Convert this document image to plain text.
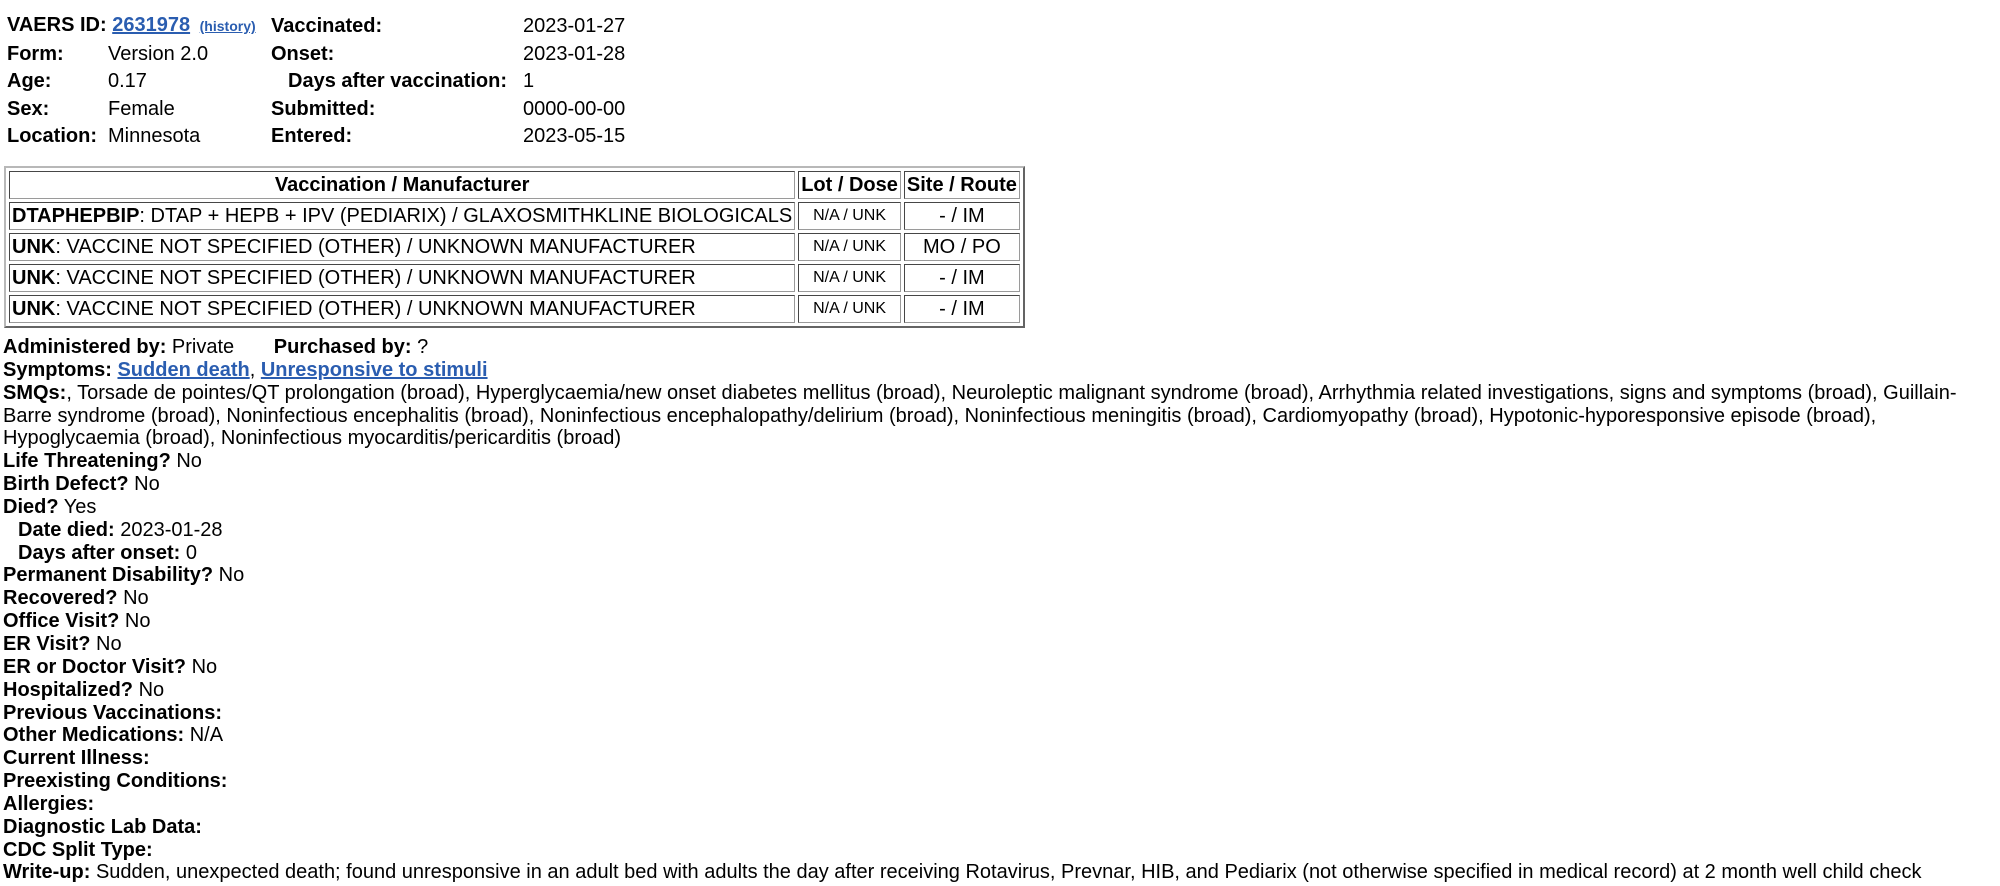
VAERS ID: 2631978 (history)		Vaccinated:	2023-01-27
Form:	Version 2.0	Onset:	2023-01-28
Age:	0.17	Days after vaccination:	1
Sex:	Female	Submitted:	0000-00-00
Location:	Minnesota	Entered:	2023-05-15
Vaccination / Manufacturer	Lot / Dose	Site / Route
DTAPHEPBIP: DTAP + HEPB + IPV (PEDIARIX) / GLAXOSMITHKLINE BIOLOGICALS	N/A / UNK	- / IM
UNK: VACCINE NOT SPECIFIED (OTHER) / UNKNOWN MANUFACTURER	N/A / UNK	MO / PO
UNK: VACCINE NOT SPECIFIED (OTHER) / UNKNOWN MANUFACTURER	N/A / UNK	- / IM
UNK: VACCINE NOT SPECIFIED (OTHER) / UNKNOWN MANUFACTURER	N/A / UNK	- / IM
Administered by: Private Purchased by: ?
Symptoms: Sudden death, Unresponsive to stimuli
SMQs:, Torsade de pointes/QT prolongation (broad), Hyperglycaemia/new onset diabetes mellitus (broad), Neuroleptic malignant syndrome (broad), Arrhythmia related investigations, signs and symptoms (broad), Guillain-Barre syndrome (broad), Noninfectious encephalitis (broad), Noninfectious encephalopathy/delirium (broad), Noninfectious meningitis (broad), Cardiomyopathy (broad), Hypotonic-hyporesponsive episode (broad), Hypoglycaemia (broad), Noninfectious myocarditis/pericarditis (broad)
Life Threatening? No
Birth Defect? No
Died? Yes
Date died: 2023-01-28
Days after onset: 0
Permanent Disability? No
Recovered? No
Office Visit? No
ER Visit? No
ER or Doctor Visit? No
Hospitalized? No
Previous Vaccinations:
Other Medications: N/A
Current Illness:
Preexisting Conditions:
Allergies:
Diagnostic Lab Data:
CDC Split Type:
Write-up: Sudden, unexpected death; found unresponsive in an adult bed with adults the day after receiving Rotavirus, Prevnar, HIB, and Pediarix (not otherwise specified in medical record) at 2 month well child check
